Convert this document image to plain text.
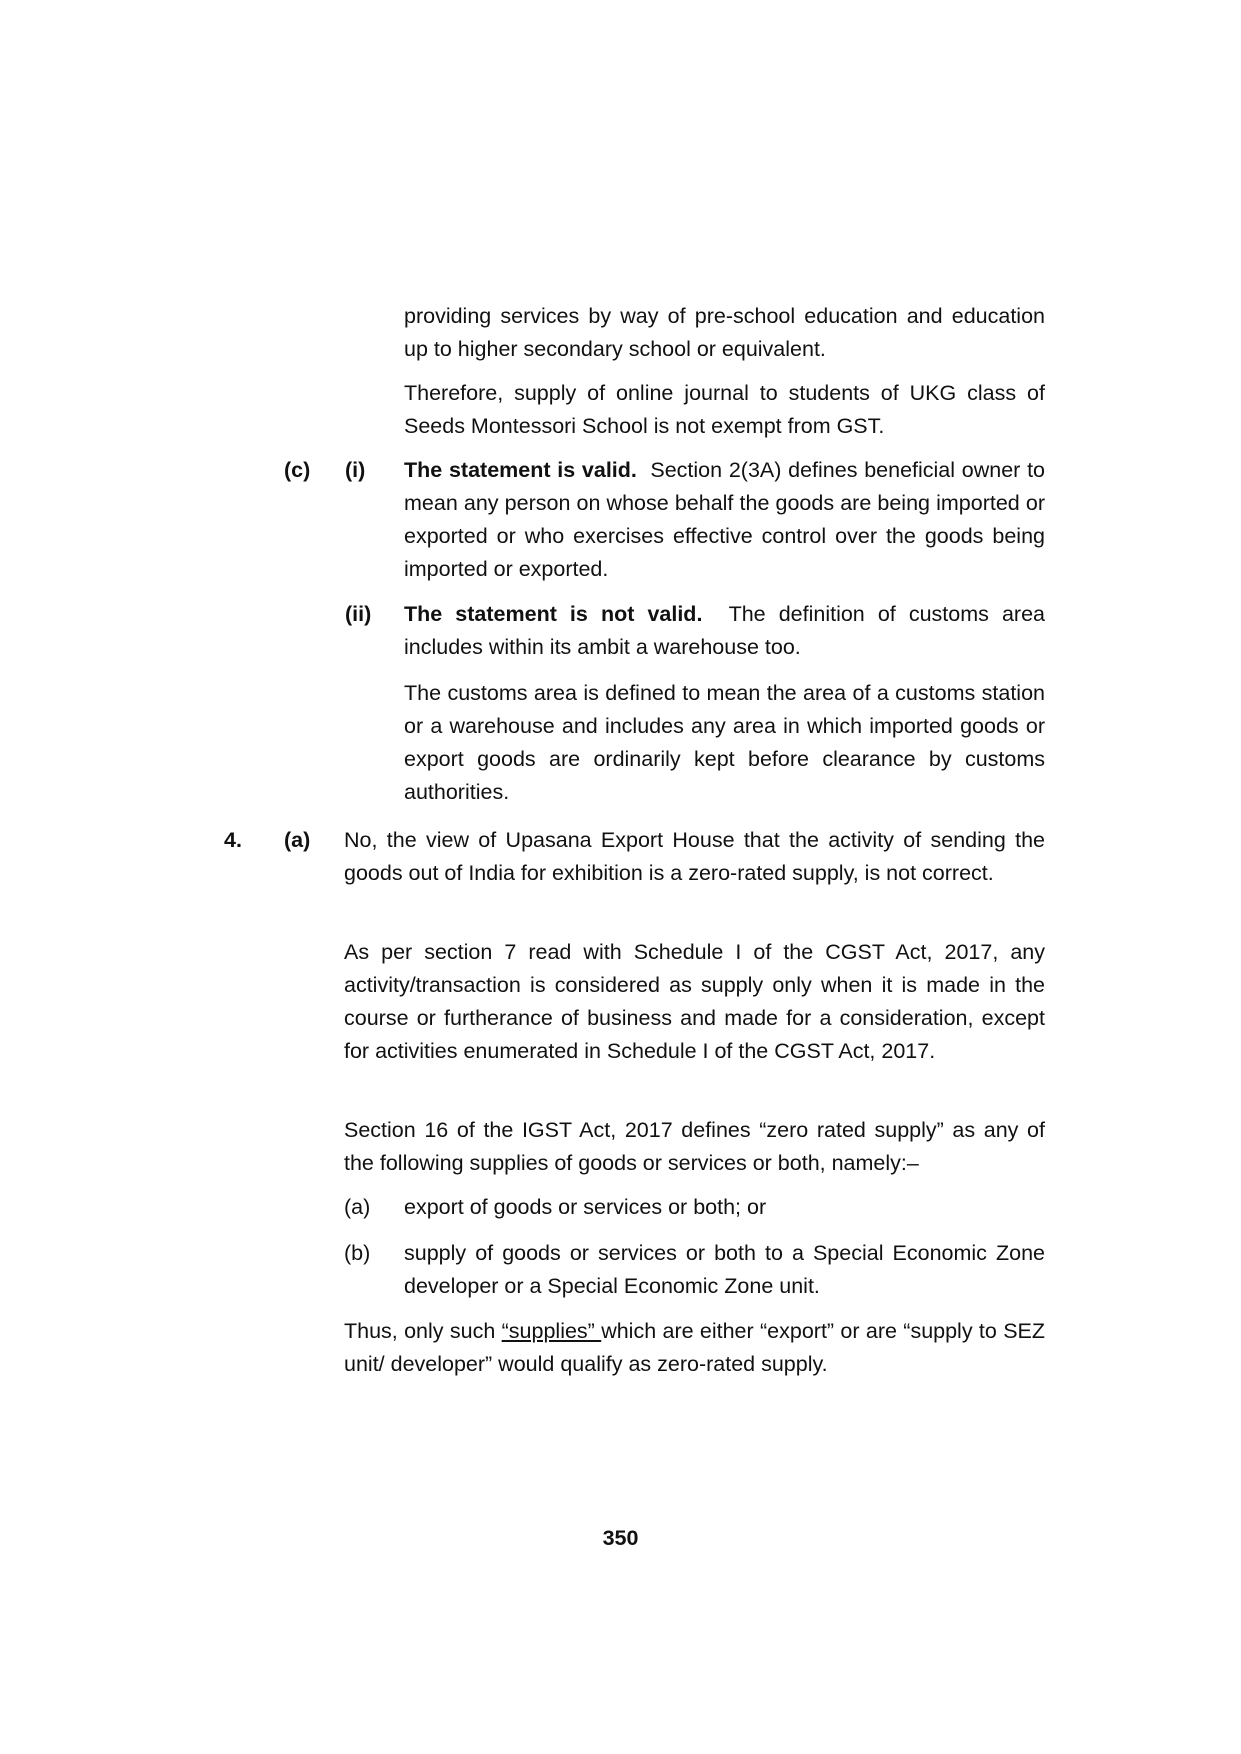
providing services by way of pre-school education and education up to higher secondary school or equivalent.

Therefore, supply of online journal to students of UKG class of Seeds Montessori School is not exempt from GST.

(c) (i) The statement is valid. Section 2(3A) defines beneficial owner to mean any person on whose behalf the goods are being imported or exported or who exercises effective control over the goods being imported or exported.

(ii) The statement is not valid. The definition of customs area includes within its ambit a warehouse too.

The customs area is defined to mean the area of a customs station or a warehouse and includes any area in which imported goods or export goods are ordinarily kept before clearance by customs authorities.

4. (a) No, the view of Upasana Export House that the activity of sending the goods out of India for exhibition is a zero-rated supply, is not correct.

As per section 7 read with Schedule I of the CGST Act, 2017, any activity/transaction is considered as supply only when it is made in the course or furtherance of business and made for a consideration, except for activities enumerated in Schedule I of the CGST Act, 2017.

Section 16 of the IGST Act, 2017 defines “zero rated supply” as any of the following supplies of goods or services or both, namely:–

(a) export of goods or services or both; or

(b) supply of goods or services or both to a Special Economic Zone developer or a Special Economic Zone unit.

Thus, only such “supplies” which are either “export” or are “supply to SEZ unit/ developer” would qualify as zero-rated supply.

350
